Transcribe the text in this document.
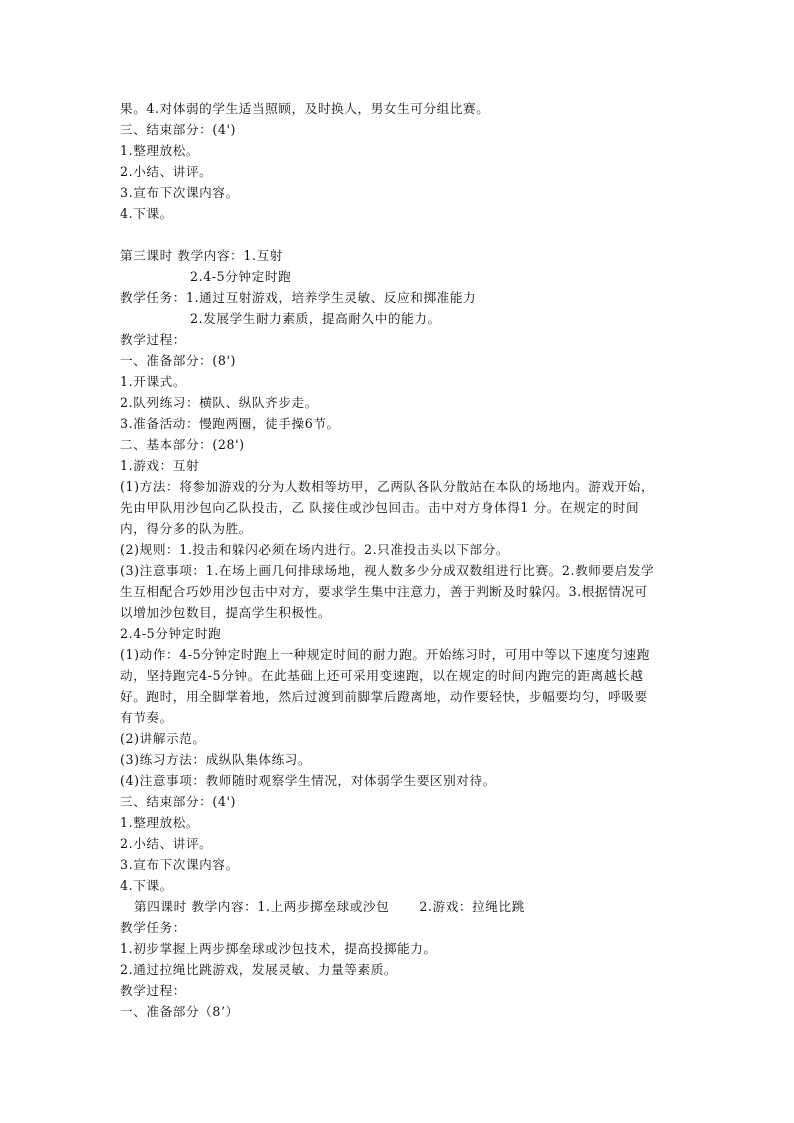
果。4.对体弱的学生适当照顾，及时换人，男女生可分组比赛。
三、结束部分：(4')
1.整理放松。
2.小结、讲评。
3.宣布下次课内容。
4.下课。
第三课时 教学内容：1.互射
2.4-5分钟定时跑
教学任务：1.通过互射游戏，培养学生灵敏、反应和掷准能力
2.发展学生耐力素质，提高耐久中的能力。
教学过程：
一、准备部分：(8')
1.开课式。
2.队列练习：横队、纵队齐步走。
3.准备活动：慢跑两圈，徒手操6节。
二、基本部分：(28')
1.游戏：互射
(1)方法：将参加游戏的分为人数相等坊甲，乙两队各队分散站在本队的场地内。游戏开始，
先由甲队用沙包向乙队投击，乙 队接住或沙包回击。击中对方身体得1 分。在规定的时间
内，得分多的队为胜。
(2)规则：1.投击和躲闪必须在场内进行。2.只准投击头以下部分。
(3)注意事项：1.在场上画几何排球场地，视人数多少分成双数组进行比赛。2.教师要启发学
生互相配合巧妙用沙包击中对方，要求学生集中注意力，善于判断及时躲闪。3.根据情况可
以增加沙包数目，提高学生积极性。
2.4-5分钟定时跑
(1)动作：4-5分钟定时跑上一种规定时间的耐力跑。开始练习时，可用中等以下速度匀速跑
动，坚持跑完4-5分钟。在此基础上还可采用变速跑，以在规定的时间内跑完的距离越长越
好。跑时，用全脚掌着地，然后过渡到前脚掌后蹬离地，动作要轻快，步幅要均匀，呼吸要
有节奏。
(2)讲解示范。
(3)练习方法：成纵队集体练习。
(4)注意事项：教师随时观察学生情况，对体弱学生要区别对待。
三、结束部分：(4')
1.整理放松。
2.小结、讲评。
3.宣布下次课内容。
4.下课。
第四课时 教学内容：1.上两步掷垒球或沙包 2.游戏：拉绳比跳
教学任务：
1.初步掌握上两步掷垒球或沙包技术，提高投掷能力。
2.通过拉绳比跳游戏，发展灵敏、力量等素质。
教学过程：
一、准备部分（8’）
